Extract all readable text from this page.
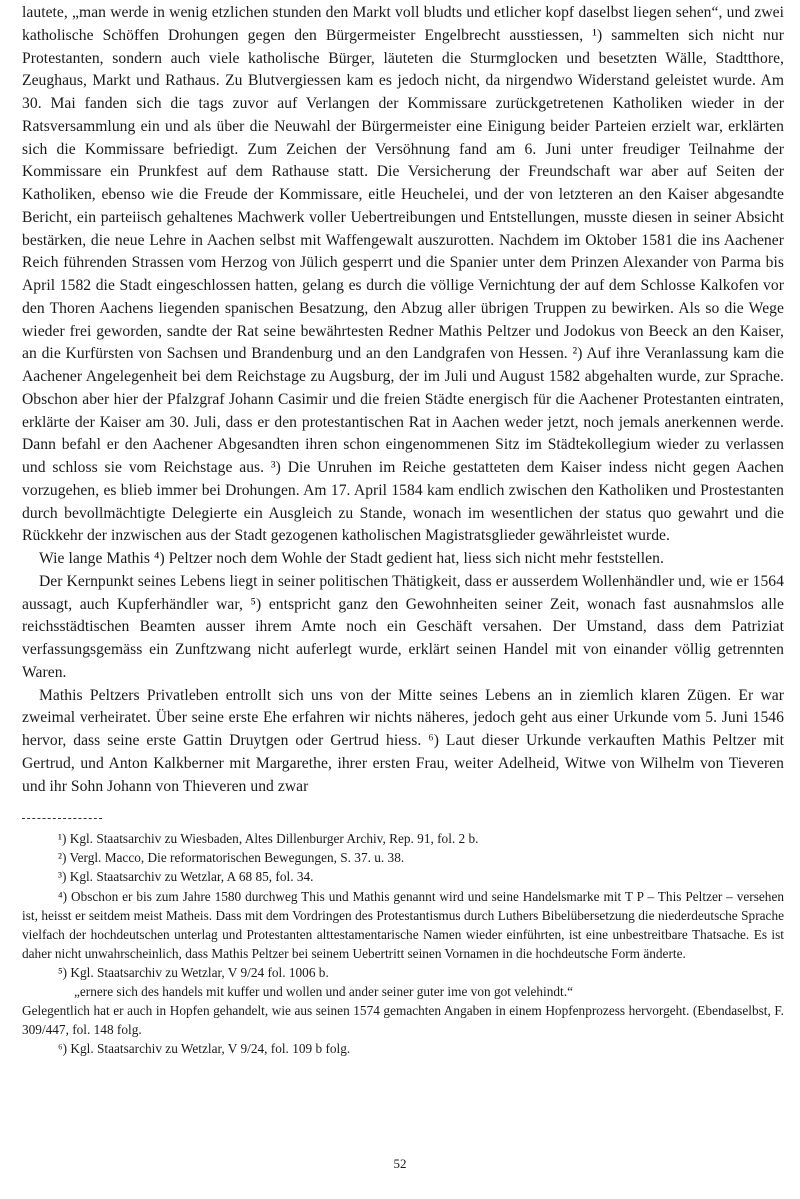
lautete, „man werde in wenig etzlichen stunden den Markt voll bludts und etlicher kopf daselbst liegen sehen“, und zwei katholische Schöffen Drohungen gegen den Bürgermeister Engelbrecht ausstiessen, ¹) sammelten sich nicht nur Protestanten, sondern auch viele katholische Bürger, läuteten die Sturmglocken und besetzten Wälle, Stadtthore, Zeughaus, Markt und Rathaus. Zu Blutvergiessen kam es jedoch nicht, da nirgendwo Widerstand geleistet wurde. Am 30. Mai fanden sich die tags zuvor auf Verlangen der Kommissare zurückgetretenen Katholiken wieder in der Ratsversammlung ein und als über die Neuwahl der Bürgermeister eine Einigung beider Parteien erzielt war, erklärten sich die Kommissare befriedigt. Zum Zeichen der Versöhnung fand am 6. Juni unter freudiger Teilnahme der Kommissare ein Prunkfest auf dem Rathause statt. Die Versicherung der Freundschaft war aber auf Seiten der Katholiken, ebenso wie die Freude der Kommissare, eitle Heuchelei, und der von letzteren an den Kaiser abgesandte Bericht, ein parteiisch gehaltenes Machwerk voller Uebertreibungen und Entstellungen, musste diesen in seiner Absicht bestärken, die neue Lehre in Aachen selbst mit Waffengewalt auszurotten. Nachdem im Oktober 1581 die ins Aachener Reich führenden Strassen vom Herzog von Jülich gesperrt und die Spanier unter dem Prinzen Alexander von Parma bis April 1582 die Stadt eingeschlossen hatten, gelang es durch die völlige Vernichtung der auf dem Schlosse Kalkofen vor den Thoren Aachens liegenden spanischen Besatzung, den Abzug aller übrigen Truppen zu bewirken. Als so die Wege wieder frei geworden, sandte der Rat seine bewährtesten Redner Mathis Peltzer und Jodokus von Beeck an den Kaiser, an die Kurfürsten von Sachsen und Brandenburg und an den Landgrafen von Hessen. ²) Auf ihre Veranlassung kam die Aachener Angelegenheit bei dem Reichstage zu Augsburg, der im Juli und August 1582 abgehalten wurde, zur Sprache. Obschon aber hier der Pfalzgraf Johann Casimir und die freien Städte energisch für die Aachener Protestanten eintraten, erklärte der Kaiser am 30. Juli, dass er den protestantischen Rat in Aachen weder jetzt, noch jemals anerkennen werde. Dann befahl er den Aachener Abgesandten ihren schon eingenommenen Sitz im Städtekollegium wieder zu verlassen und schloss sie vom Reichstage aus. ³) Die Unruhen im Reiche gestatteten dem Kaiser indess nicht gegen Aachen vorzugehen, es blieb immer bei Drohungen. Am 17. April 1584 kam endlich zwischen den Katholiken und Prostestanten durch bevollmächtigte Delegierte ein Ausgleich zu Stande, wonach im wesentlichen der status quo gewahrt und die Rückkehr der inzwischen aus der Stadt gezogenen katholischen Magistratsglieder gewährleistet wurde.

Wie lange Mathis ⁴) Peltzer noch dem Wohle der Stadt gedient hat, liess sich nicht mehr feststellen.

Der Kernpunkt seines Lebens liegt in seiner politischen Thätigkeit, dass er ausserdem Wollenhändler und, wie er 1564 aussagt, auch Kupferhändler war, ⁵) entspricht ganz den Gewohnheiten seiner Zeit, wonach fast ausnahmslos alle reichsstädtischen Beamten ausser ihrem Amte noch ein Geschäft versahen. Der Umstand, dass dem Patriziat verfassungsgemäss ein Zunftzwang nicht auferlegt wurde, erklärt seinen Handel mit von einander völlig getrennten Waren.

Mathis Peltzers Privatleben entrollt sich uns von der Mitte seines Lebens an in ziemlich klaren Zügen. Er war zweimal verheiratet. Über seine erste Ehe erfahren wir nichts näheres, jedoch geht aus einer Urkunde vom 5. Juni 1546 hervor, dass seine erste Gattin Druytgen oder Gertrud hiess. ⁶) Laut dieser Urkunde verkauften Mathis Peltzer mit Gertrud, und Anton Kalkberner mit Margarethe, ihrer ersten Frau, weiter Adelheid, Witwe von Wilhelm von Tieveren und ihr Sohn Johann von Thieveren und zwar

¹) Kgl. Staatsarchiv zu Wiesbaden, Altes Dillenburger Archiv, Rep. 91, fol. 2 b.

²) Vergl. Macco, Die reformatorischen Bewegungen, S. 37. u. 38.

³) Kgl. Staatsarchiv zu Wetzlar, A 68 85, fol. 34.

⁴) Obschon er bis zum Jahre 1580 durchweg This und Mathis genannt wird und seine Handelsmarke mit T P – This Peltzer – versehen ist, heisst er seitdem meist Matheis. Dass mit dem Vordringen des Protestantismus durch Luthers Bibelübersetzung die niederdeutsche Sprache vielfach der hochdeutschen unterlag und Protestanten alttestamentarische Namen wieder einführten, ist eine unbestreitbare Thatsache. Es ist daher nicht unwahrscheinlich, dass Mathis Peltzer bei seinem Uebertritt seinen Vornamen in die hochdeutsche Form änderte.

⁵) Kgl. Staatsarchiv zu Wetzlar, V 9/24 fol. 1006 b.

„ernere sich des handels mit kuffer und wollen und ander seiner guter ime von got velehindt.“

Gelegentlich hat er auch in Hopfen gehandelt, wie aus seinen 1574 gemachten Angaben in einem Hopfenprozess hervorgeht. (Ebendaselbst, F. 309/447, fol. 148 folg.

⁶) Kgl. Staatsarchiv zu Wetzlar, V 9/24, fol. 109 b folg.

52
